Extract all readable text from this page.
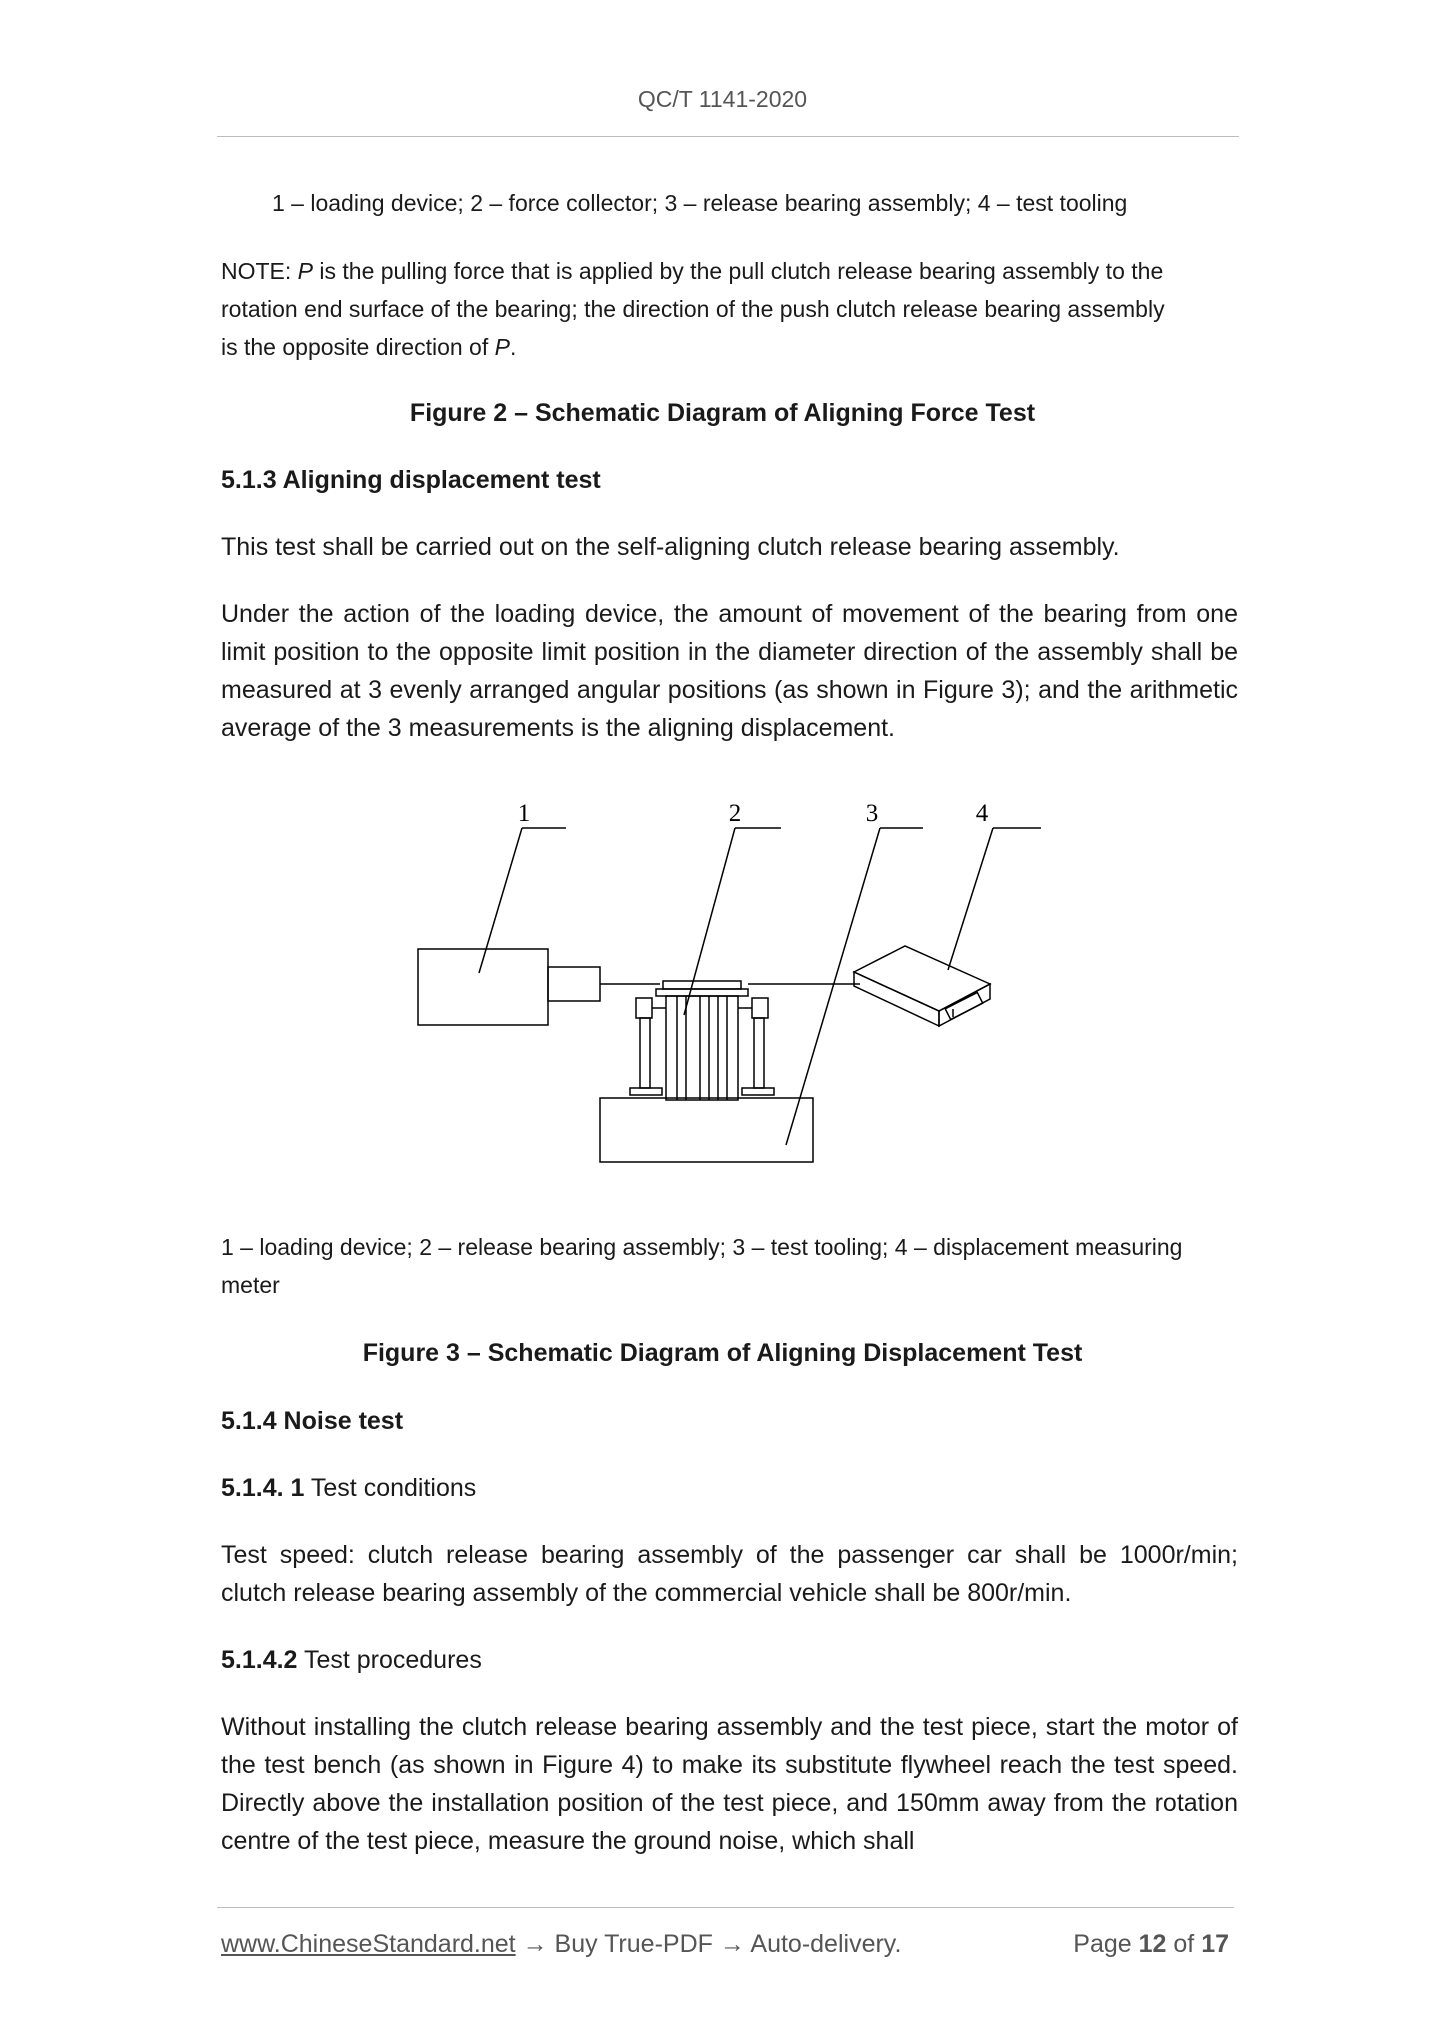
QC/T 1141-2020
1 – loading device; 2 – force collector; 3 – release bearing assembly; 4 – test tooling
NOTE: P is the pulling force that is applied by the pull clutch release bearing assembly to the
rotation end surface of the bearing; the direction of the push clutch release bearing assembly
is the opposite direction of P.
Figure 2 – Schematic Diagram of Aligning Force Test
5.1.3 Aligning displacement test
This test shall be carried out on the self-aligning clutch release bearing assembly.
Under the action of the loading device, the amount of movement of the bearing from one limit position to the opposite limit position in the diameter direction of the assembly shall be measured at 3 evenly arranged angular positions (as shown in Figure 3); and the arithmetic average of the 3 measurements is the aligning displacement.
1	2	3	4
1 – loading device; 2 – release bearing assembly; 3 – test tooling; 4 – displacement measuring meter
Figure 3 – Schematic Diagram of Aligning Displacement Test
5.1.4 Noise test
5.1.4. 1 Test conditions
Test speed: clutch release bearing assembly of the passenger car shall be 1000r/min; clutch release bearing assembly of the commercial vehicle shall be 800r/min.
5.1.4.2 Test procedures
Without installing the clutch release bearing assembly and the test piece, start the motor of the test bench (as shown in Figure 4) to make its substitute flywheel reach the test speed. Directly above the installation position of the test piece, and 150mm away from the rotation centre of the test piece, measure the ground noise, which shall
www.ChineseStandard.net → Buy True-PDF → Auto-delivery.	Page 12 of 17
